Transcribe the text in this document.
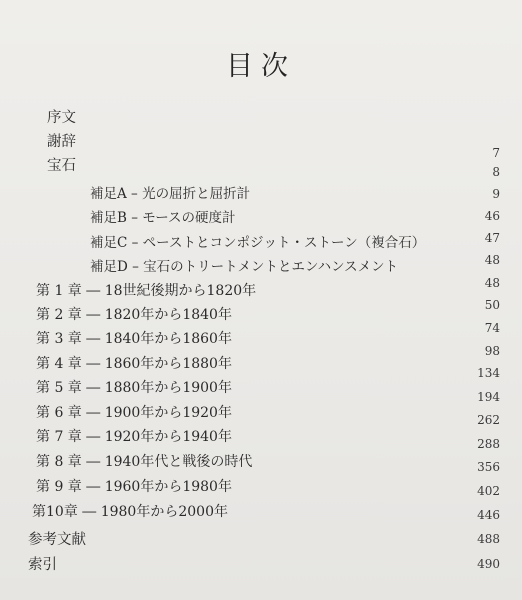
目次
序文
謝辞
宝石
補足A – 光の屈折と屈折計
補足B – モースの硬度計
補足C – ペーストとコンポジット・ストーン（複合石）
補足D – 宝石のトリートメントとエンハンスメント
第 1 章 ― 18世紀後期から1820年
第 2 章 ― 1820年から1840年
第 3 章 ― 1840年から1860年
第 4 章 ― 1860年から1880年
第 5 章 ― 1880年から1900年
第 6 章 ― 1900年から1920年
第 7 章 ― 1920年から1940年
第 8 章 ― 1940年代と戦後の時代
第 9 章 ― 1960年から1980年
第10章 ― 1980年から2000年
参考文献
索引
7
8
9
46
47
48
48
50
74
98
134
194
262
288
356
402
446
488
490
